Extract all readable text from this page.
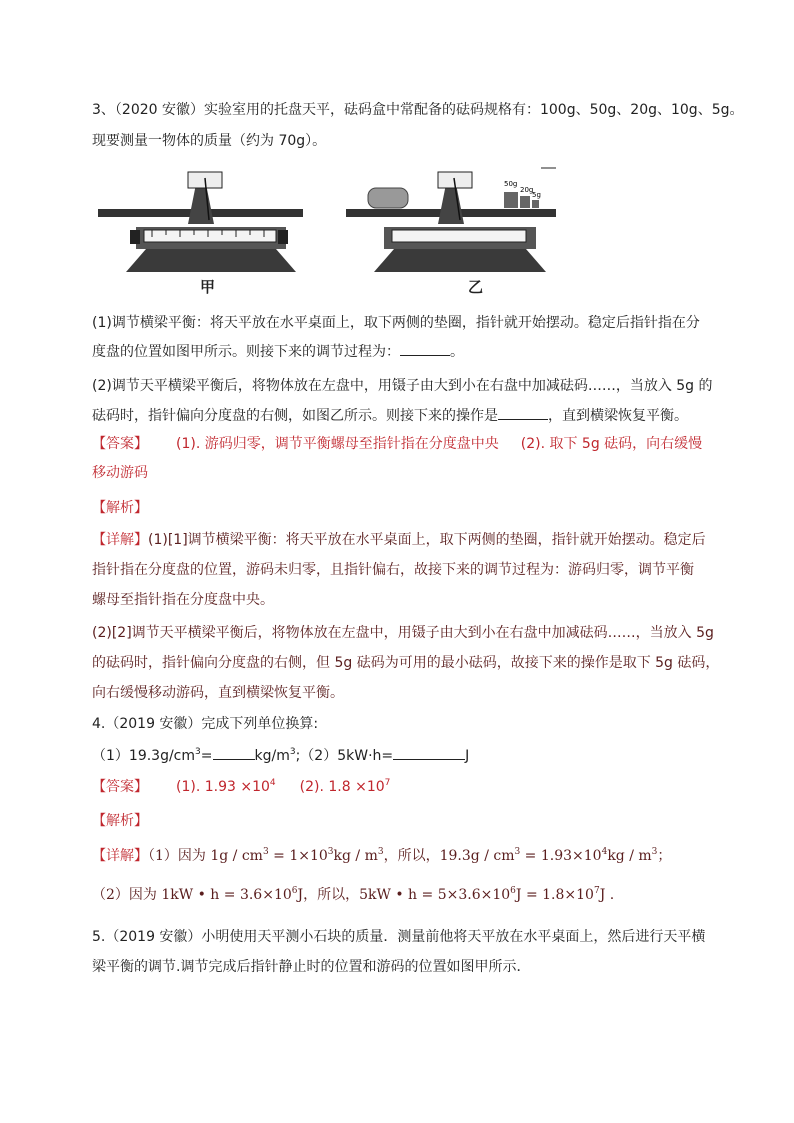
3、（2020 安徽）实验室用的托盘天平，砝码盒中常配备的砝码规格有：100g、50g、20g、10g、5g。
现要测量一物体的质量（约为 70g）。
50g
20g
5g
甲	乙
(1)调节横梁平衡：将天平放在水平桌面上，取下两侧的垫圈，指针就开始摆动。稳定后指针指在分
度盘的位置如图甲所示。则接下来的调节过程为：	。
(2)调节天平横梁平衡后，将物体放在左盘中，用镊子由大到小在右盘中加减砝码……，当放入 5g 的
砝码时，指针偏向分度盘的右侧，如图乙所示。则接下来的操作是	，直到横梁恢复平衡。
【答案】 (1). 游码归零，调节平衡螺母至指针指在分度盘中央 (2). 取下 5g 砝码，向右缓慢
移动游码
【解析】
【详解】(1)[1]调节横梁平衡：将天平放在水平桌面上，取下两侧的垫圈，指针就开始摆动。稳定后
指针指在分度盘的位置，游码未归零，且指针偏右，故接下来的调节过程为：游码归零，调节平衡
螺母至指针指在分度盘中央。
(2)[2]调节天平横梁平衡后，将物体放在左盘中，用镊子由大到小在右盘中加减砝码……，当放入 5g
的砝码时，指针偏向分度盘的右侧，但 5g 砝码为可用的最小砝码，故接下来的操作是取下 5g 砝码，
向右缓慢移动游码，直到横梁恢复平衡。
4.（2019 安徽）完成下列单位换算:
$(1)19.3g/cm^3=$	$kg/m^3;(2)5kW\cdot h=$	J
【答案】 (1). $1.93 \times 10^4$ (2). $1.8 \times 10^7$
【解析】
【详解】（1）因为 $1g / cm^3 = 1\times 10^3kg / m^3$，所以，$19.3g / cm^3 = 1.93\times 10^4kg / m^3$；
（2）因为 1kW • $h = 3.6\times 10^6J$，所以，5kW • $h = 5\times 3.6\times 10^6J = 1.8\times 10^7J$ .
5.（2019 安徽）小明使用天平测小石块的质量．测量前他将天平放在水平桌面上，然后进行天平横
梁平衡的调节.调节完成后指针静止时的位置和游码的位置如图甲所示．
